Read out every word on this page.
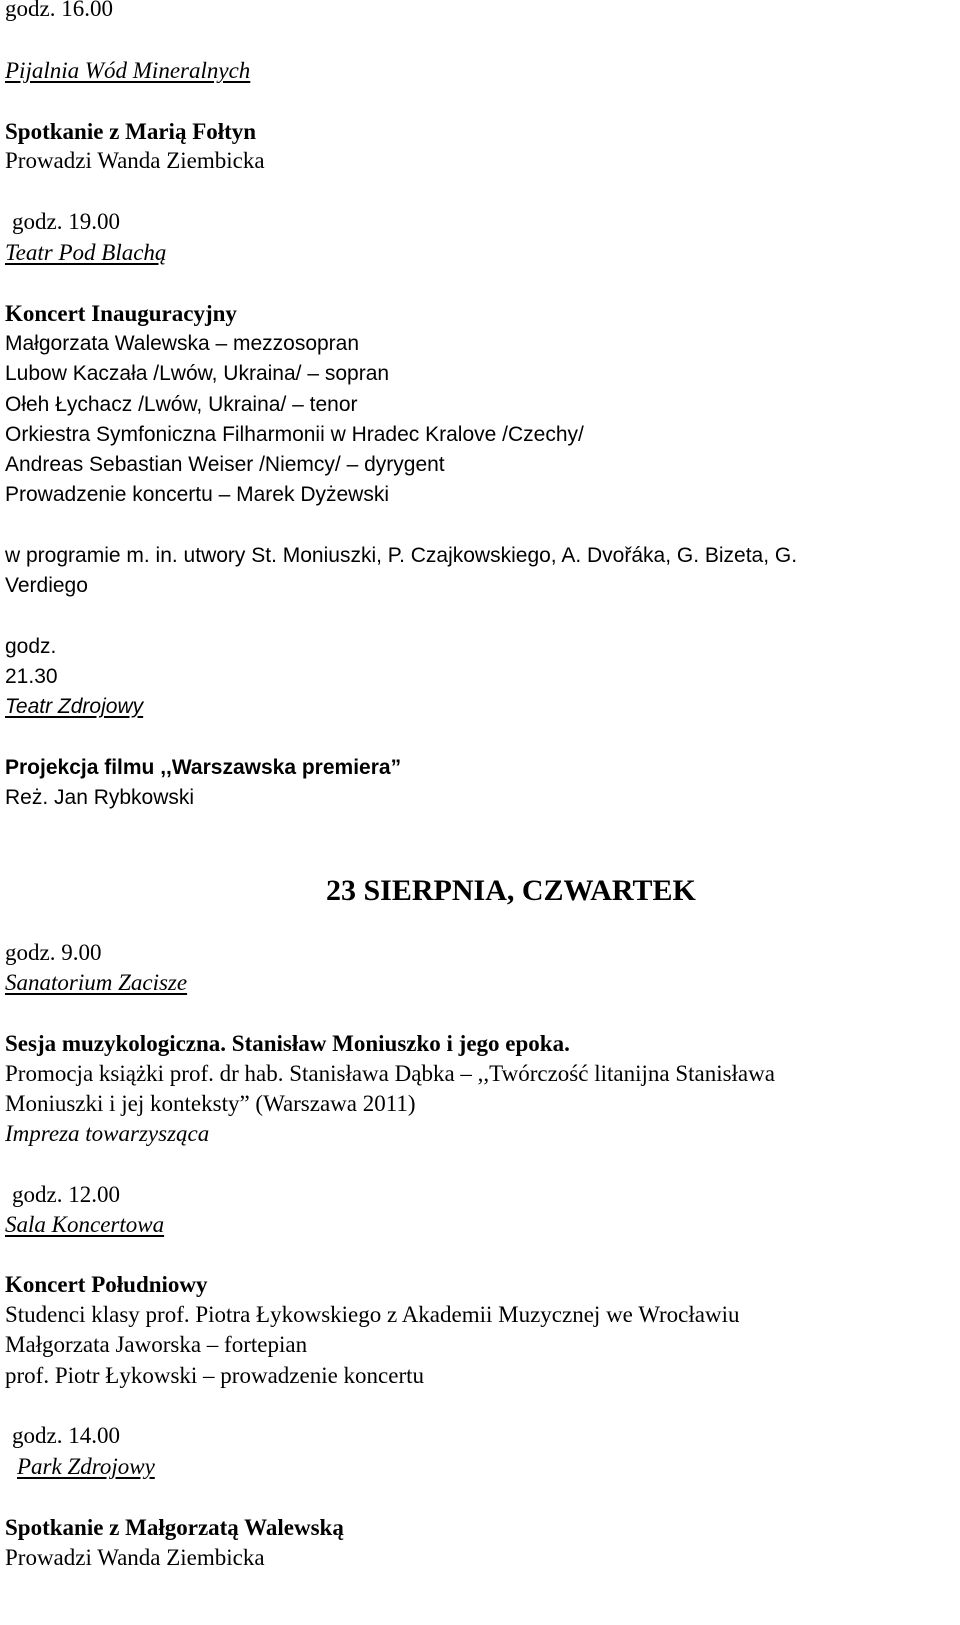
godz. 16.00

Pijalnia Wód Mineralnych

Spotkanie z Marią Fołtyn

Prowadzi Wanda Ziembicka

godz. 19.00

Teatr Pod Blachą

Koncert Inauguracyjny

Małgorzata Walewska – mezzosopran

Lubow Kaczała /Lwów, Ukraina/ – sopran

Ołeh Łychacz /Lwów, Ukraina/ – tenor

Orkiestra Symfoniczna Filharmonii w Hradec Kralove /Czechy/

Andreas Sebastian Weiser /Niemcy/ – dyrygent

Prowadzenie koncertu – Marek Dyżewski

w programie m. in. utwory St. Moniuszki, P. Czajkowskiego, A. Dvořáka, G. Bizeta, G.

Verdiego

godz.

21.30

Teatr Zdrojowy

Projekcja filmu ,,Warszawska premiera”

Reż. Jan Rybkowski

23 SIERPNIA, CZWARTEK

godz. 9.00

Sanatorium Zacisze

Sesja muzykologiczna. Stanisław Moniuszko i jego epoka.

Promocja książki prof. dr hab. Stanisława Dąbka – ,,Twórczość litanijna Stanisława

Moniuszki i jej konteksty” (Warszawa 2011)

Impreza towarzysząca

godz. 12.00

Sala Koncertowa

Koncert Południowy

Studenci klasy prof. Piotra Łykowskiego z Akademii Muzycznej we Wrocławiu

Małgorzata Jaworska – fortepian

prof. Piotr Łykowski – prowadzenie koncertu

godz. 14.00

Park Zdrojowy

Spotkanie z Małgorzatą Walewską

Prowadzi Wanda Ziembicka
